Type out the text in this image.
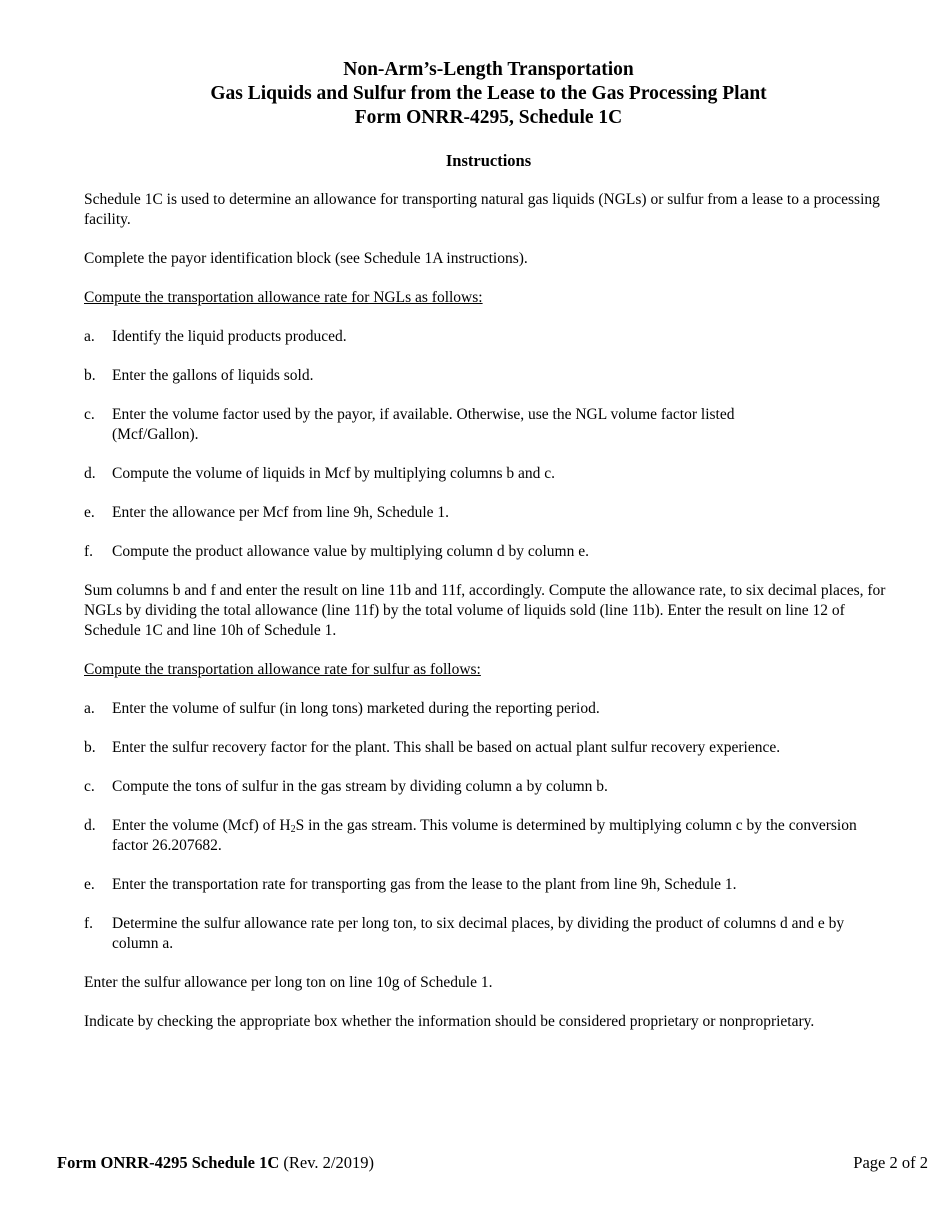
Non-Arm’s-Length Transportation
Gas Liquids and Sulfur from the Lease to the Gas Processing Plant
Form ONRR-4295, Schedule 1C
Instructions

Schedule 1C is used to determine an allowance for transporting natural gas liquids (NGLs) or sulfur from a lease to a processing facility.

Complete the payor identification block (see Schedule 1A instructions).

Compute the transportation allowance rate for NGLs as follows:

a.	Identify the liquid products produced.
b.	Enter the gallons of liquids sold.
c.	Enter the volume factor used by the payor, if available. Otherwise, use the NGL volume factor listed (Mcf/Gallon).
d.	Compute the volume of liquids in Mcf by multiplying columns b and c.
e.	Enter the allowance per Mcf from line 9h, Schedule 1.
f.	Compute the product allowance value by multiplying column d by column e.

Sum columns b and f and enter the result on line 11b and 11f, accordingly. Compute the allowance rate, to six decimal places, for NGLs by dividing the total allowance (line 11f) by the total volume of liquids sold (line 11b). Enter the result on line 12 of Schedule 1C and line 10h of Schedule 1.

Compute the transportation allowance rate for sulfur as follows:

a.	Enter the volume of sulfur (in long tons) marketed during the reporting period.
b.	Enter the sulfur recovery factor for the plant. This shall be based on actual plant sulfur recovery experience.
c.	Compute the tons of sulfur in the gas stream by dividing column a by column b.
d.	Enter the volume (Mcf) of $H_2S$ in the gas stream. This volume is determined by multiplying column c by the conversion factor 26.207682.
e.	Enter the transportation rate for transporting gas from the lease to the plant from line 9h, Schedule 1.
f.	Determine the sulfur allowance rate per long ton, to six decimal places, by dividing the product of columns d and e by column a.

Enter the sulfur allowance per long ton on line 10g of Schedule 1.

Indicate by checking the appropriate box whether the information should be considered proprietary or nonproprietary.

Form ONRR-4295 Schedule 1C (Rev. 2/2019)	Page 2 of 2
